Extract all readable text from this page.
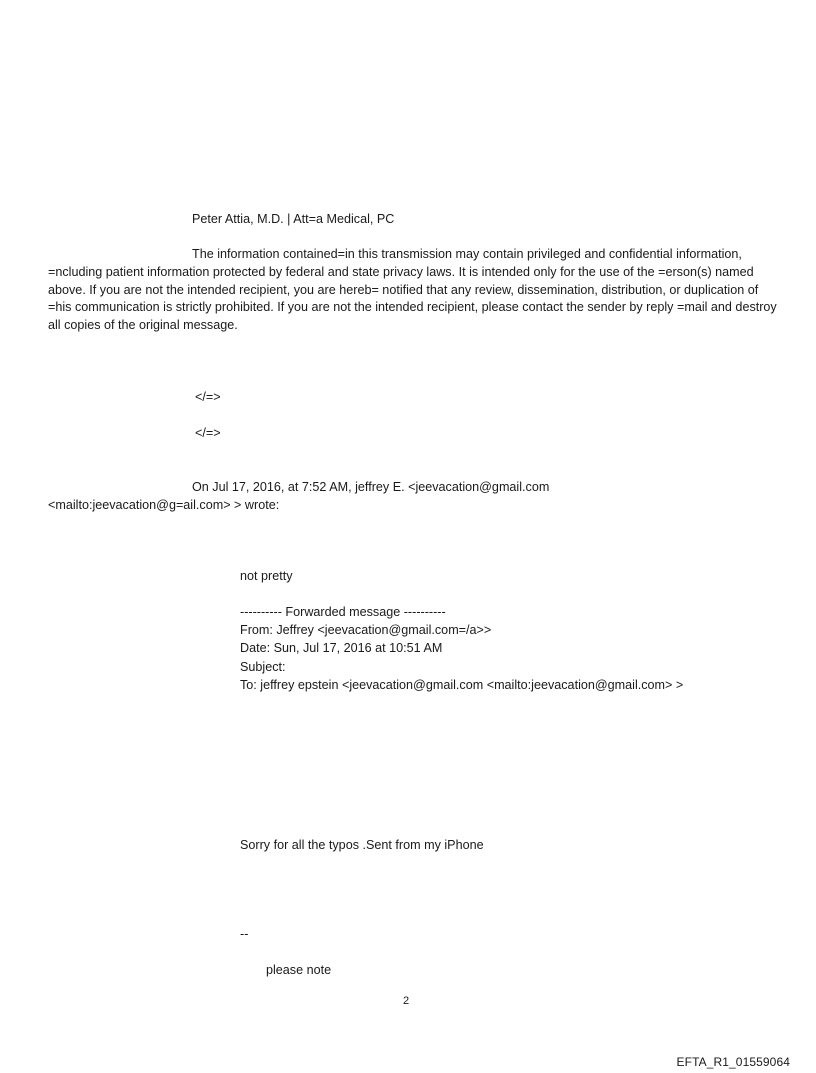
Peter Attia, M.D. | Att=a Medical, PC
The information contained=in this transmission may contain privileged and confidential information, =ncluding patient information protected by federal and state privacy laws. It is intended only for the use of the =erson(s) named above. If you are not the intended recipient, you are hereb= notified that any review, dissemination, distribution, or duplication of =his communication is strictly prohibited. If you are not the intended recipient, please contact the sender by reply =mail and destroy all copies of the original message.
</=>
</=>
On Jul 17, 2016, at 7:52 AM, jeffrey E. <jeevacation@gmail.com
<mailto:jeevacation@g=ail.com> > wrote:
not pretty
---------- Forwarded message ----------
From: Jeffrey <jeevacation@gmail.com=/a>>
Date: Sun, Jul 17, 2016 at 10:51 AM
Subject:
To: jeffrey epstein <jeevacation@gmail.com <mailto:jeevacation@gmail.com> >
Sorry for all the typos .Sent from my iPhone
--
please note
2
EFTA_R1_01559064
